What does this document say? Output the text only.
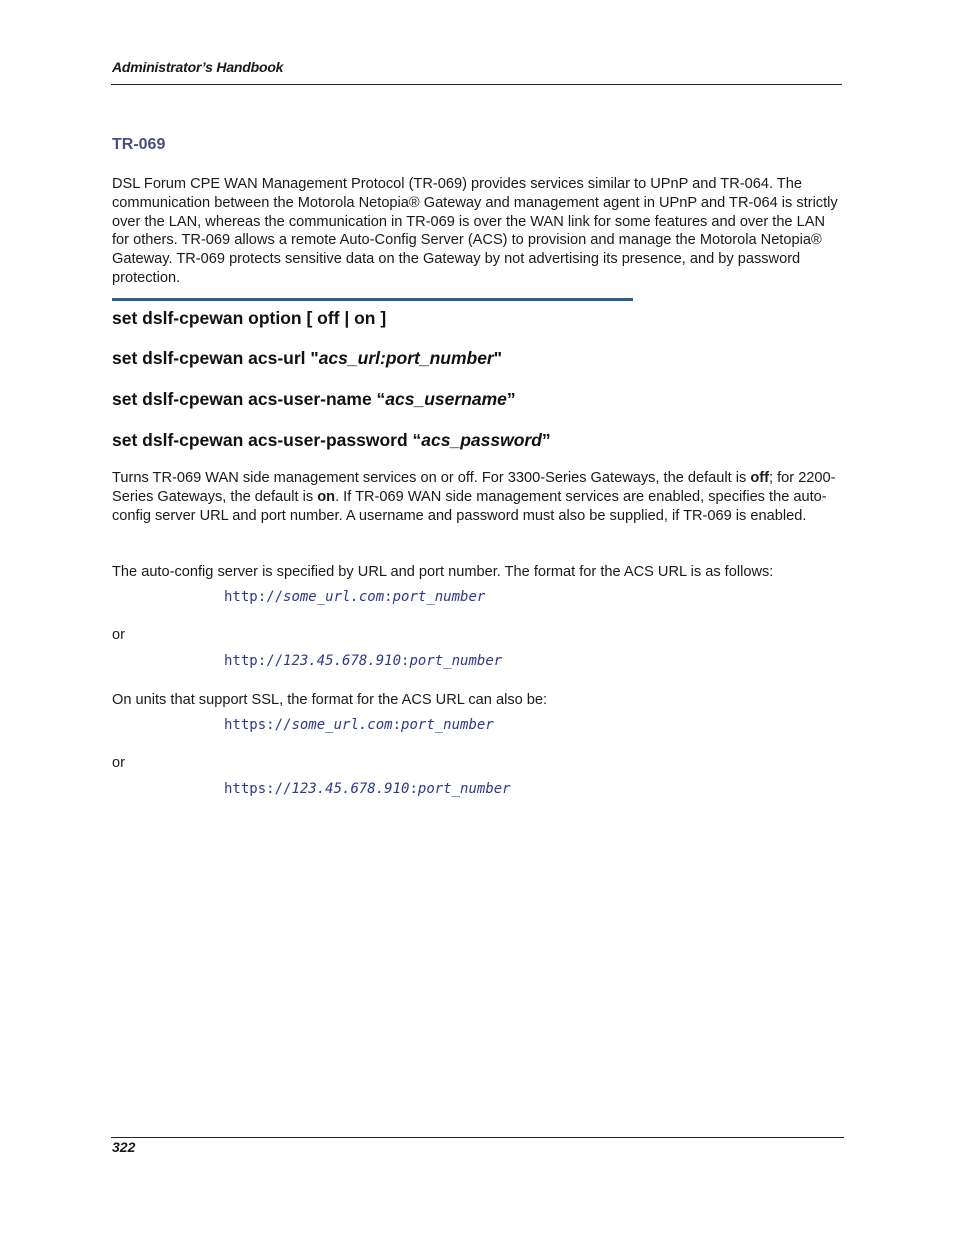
Administrator’s Handbook
TR-069

DSL Forum CPE WAN Management Protocol (TR-069) provides services similar to UPnP and TR-064. The communication between the Motorola Netopia® Gateway and management agent in UPnP and TR-064 is strictly over the LAN, whereas the communication in TR-069 is over the WAN link for some features and over the LAN for others. TR-069 allows a remote Auto-Config Server (ACS) to provision and manage the Motorola Netopia® Gateway. TR-069 protects sensitive data on the Gateway by not advertising its presence, and by password protection.

set dslf-cpewan option [ off | on ]

set dslf-cpewan acs-url "acs_url:port_number"

set dslf-cpewan acs-user-name “acs_username”

set dslf-cpewan acs-user-password “acs_password”

Turns TR-069 WAN side management services on or off. For 3300-Series Gateways, the default is off; for 2200-Series Gateways, the default is on. If TR-069 WAN side management services are enabled, specifies the auto-config server URL and port number. A username and password must also be supplied, if TR-069 is enabled.

The auto-config server is specified by URL and port number. The format for the ACS URL is as follows:

http://some_url.com:port_number

or

http://123.45.678.910:port_number

On units that support SSL, the format for the ACS URL can also be:

https://some_url.com:port_number

or

https://123.45.678.910:port_number

322
